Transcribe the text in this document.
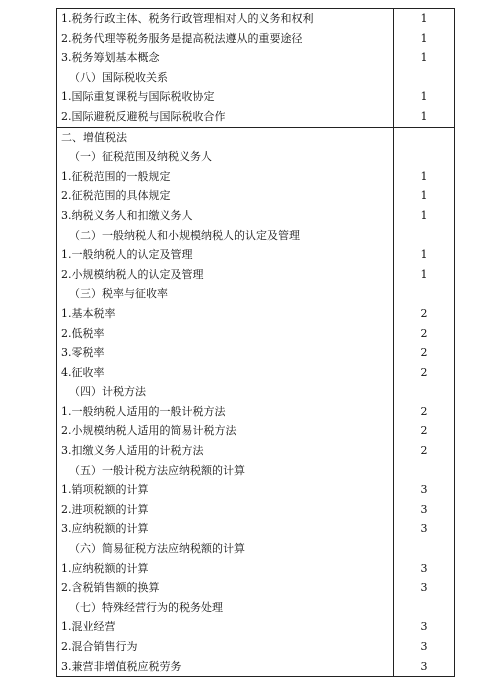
1.税务行政主体、税务行政管理相对人的义务和权利	1
2.税务代理等税务服务是提高税法遵从的重要途径	1
3.税务筹划基本概念	1
（八）国际税收关系	
1.国际重复课税与国际税收协定	1
2.国际避税反避税与国际税收合作	1
二、增值税法	
（一）征税范围及纳税义务人	
1.征税范围的一般规定	1
2.征税范围的具体规定	1
3.纳税义务人和扣缴义务人	1
（二）一般纳税人和小规模纳税人的认定及管理	
1.一般纳税人的认定及管理	1
2.小规模纳税人的认定及管理	1
（三）税率与征收率	
1.基本税率	2
2.低税率	2
3.零税率	2
4.征收率	2
（四）计税方法	
1.一般纳税人适用的一般计税方法	2
2.小规模纳税人适用的简易计税方法	2
3.扣缴义务人适用的计税方法	2
（五）一般计税方法应纳税额的计算	
1.销项税额的计算	3
2.进项税额的计算	3
3.应纳税额的计算	3
（六）简易征税方法应纳税额的计算	
1.应纳税额的计算	3
2.含税销售额的换算	3
（七）特殊经营行为的税务处理	
1.混业经营	3
2.混合销售行为	3
3.兼营非增值税应税劳务	3
